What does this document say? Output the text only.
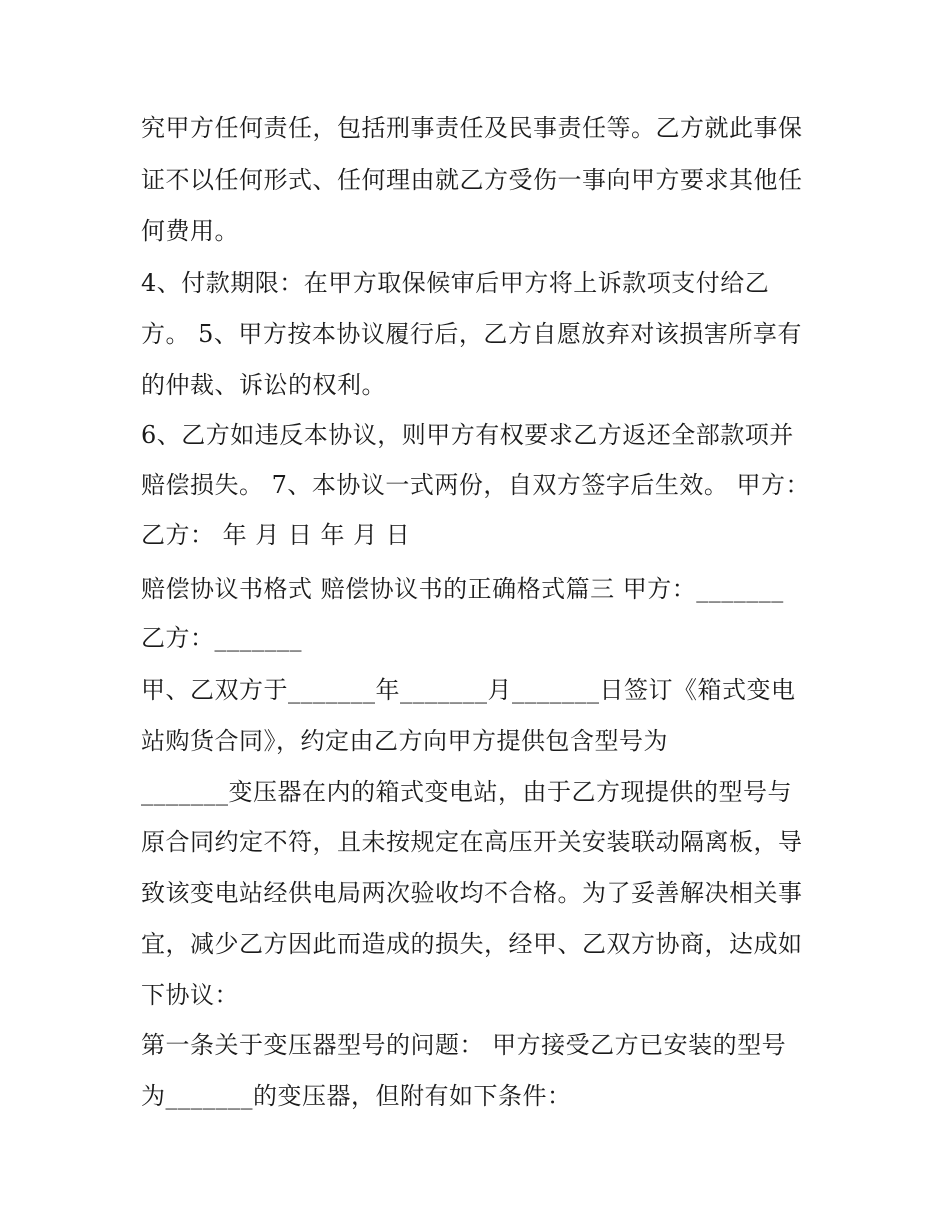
究甲方任何责任，包括刑事责任及民事责任等。乙方就此事保
证不以任何形式、任何理由就乙方受伤一事向甲方要求其他任
何费用。
4、付款期限：在甲方取保候审后甲方将上诉款项支付给乙
方。 5、甲方按本协议履行后，乙方自愿放弃对该损害所享有
的仲裁、诉讼的权利。
6、乙方如违反本协议，则甲方有权要求乙方返还全部款项并
赔偿损失。 7、本协议一式两份，自双方签字后生效。 甲方：
乙方： 年 月 日 年 月 日
赔偿协议书格式 赔偿协议书的正确格式篇三 甲方：_______
乙方：_______
甲、乙双方于_______年_______月_______日签订《箱式变电
站购货合同》，约定由乙方向甲方提供包含型号为
_______变压器在内的箱式变电站，由于乙方现提供的型号与
原合同约定不符，且未按规定在高压开关安装联动隔离板，导
致该变电站经供电局两次验收均不合格。为了妥善解决相关事
宜，减少乙方因此而造成的损失，经甲、乙双方协商，达成如
下协议：
第一条关于变压器型号的问题： 甲方接受乙方已安装的型号
为_______的变压器，但附有如下条件：
